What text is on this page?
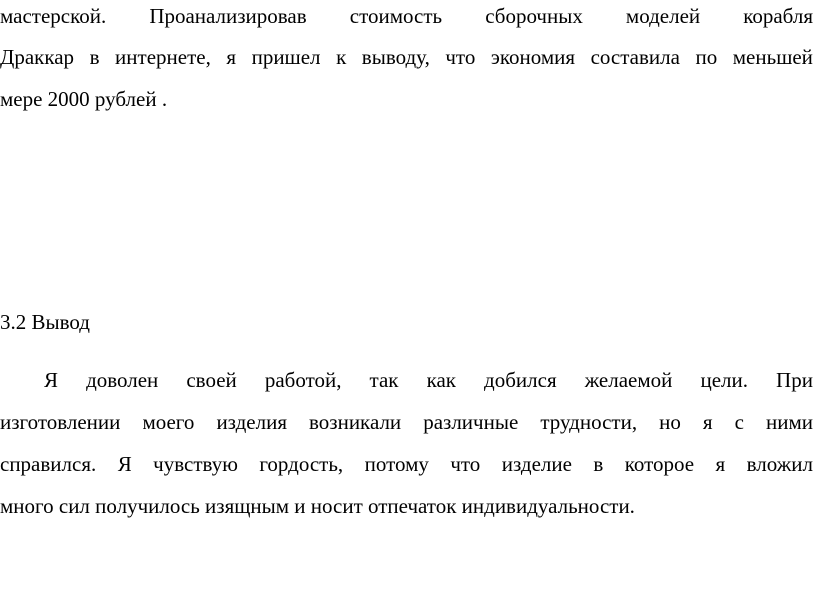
мастерской. Проанализировав стоимость сборочных моделей корабля
Драккар в интернете, я пришел к выводу, что экономия составила по меньшей
мере 2000 рублей .
3.2 Вывод
Я доволен своей работой, так как добился желаемой цели. При
изготовлении моего изделия возникали различные трудности, но я с ними
справился. Я чувствую гордость, потому что изделие в которое я вложил
много сил получилось изящным и носит отпечаток индивидуальности.
